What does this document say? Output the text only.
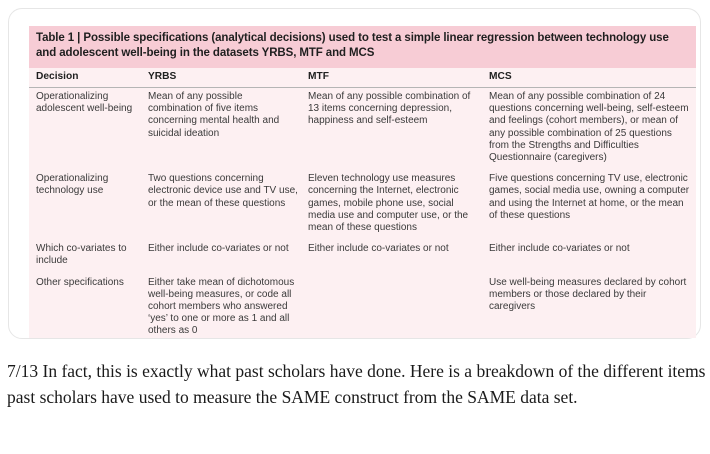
Table 1 | Possible specifications (analytical decisions) used to test a simple linear regression between technology use and adolescent well-being in the datasets YRBS, MTF and MCS
Decision	YRBS	MTF	MCS
Operationalizing adolescent well-being	Mean of any possible combination of five items concerning mental health and suicidal ideation	Mean of any possible combination of 13 items concerning depression, happiness and self-esteem	Mean of any possible combination of 24 questions concerning well-being, self-esteem and feelings (cohort members), or mean of any possible combination of 25 questions from the Strengths and Difficulties Questionnaire (caregivers)
Operationalizing technology use	Two questions concerning electronic device use and TV use, or the mean of these questions	Eleven technology use measures concerning the Internet, electronic games, mobile phone use, social media use and computer use, or the mean of these questions	Five questions concerning TV use, electronic games, social media use, owning a computer and using the Internet at home, or the mean of these questions
Which co-variates to include	Either include co-variates or not	Either include co-variates or not	Either include co-variates or not
Other specifications	Either take mean of dichotomous well-being measures, or code all cohort members who answered ‘yes’ to one or more as 1 and all others as 0		Use well-being measures declared by cohort members or those declared by their caregivers
7/13 In fact, this is exactly what past scholars have done. Here is a breakdown of the different items past scholars have used to measure the SAME construct from the SAME data set.
